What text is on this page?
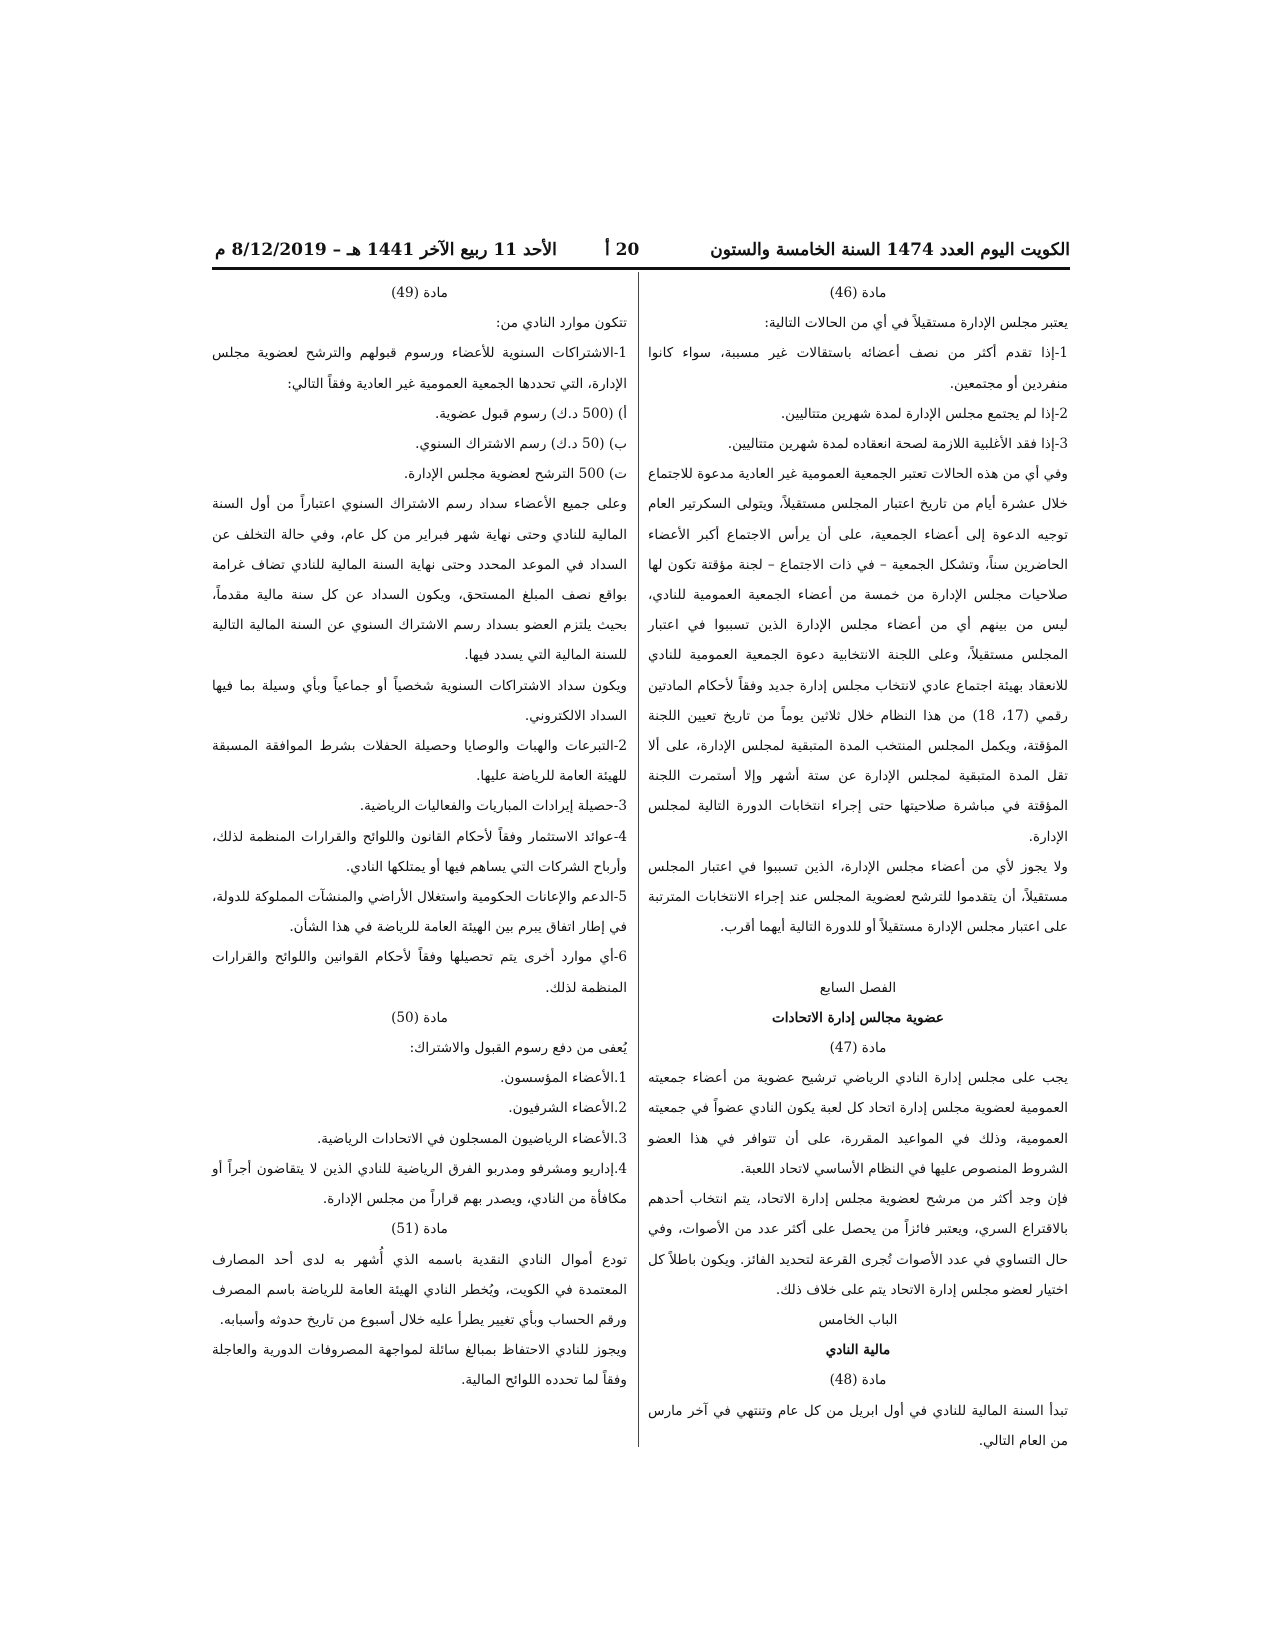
الكويت اليوم العدد 1474 السنة الخامسة والستون
20 أ
الأحد 11 ربيع الآخر 1441 هـ – 8/12/2019 م

مادة (46)

يعتبر مجلس الإدارة مستقيلاً في أي من الحالات التالية:

1-إذا تقدم أكثر من نصف أعضائه باستقالات غير مسببة، سواء كانوا منفردين أو مجتمعين.

2-إذا لم يجتمع مجلس الإدارة لمدة شهرين متتاليين.

3-إذا فقد الأغلبية اللازمة لصحة انعقاده لمدة شهرين متتاليين.

وفي أي من هذه الحالات تعتبر الجمعية العمومية غير العادية مدعوة للاجتماع خلال عشرة أيام من تاريخ اعتبار المجلس مستقيلاً، ويتولى السكرتير العام توجيه الدعوة إلى أعضاء الجمعية، على أن يرأس الاجتماع أكبر الأعضاء الحاضرين سناً، وتشكل الجمعية – في ذات الاجتماع – لجنة مؤقتة تكون لها صلاحيات مجلس الإدارة من خمسة من أعضاء الجمعية العمومية للنادي، ليس من بينهم أي من أعضاء مجلس الإدارة الذين تسببوا في اعتبار المجلس مستقيلاً، وعلى اللجنة الانتخابية دعوة الجمعية العمومية للنادي للانعقاد بهيئة اجتماع عادي لانتخاب مجلس إدارة جديد وفقاً لأحكام المادتين رقمي (17، 18) من هذا النظام خلال ثلاثين يوماً من تاريخ تعيين اللجنة المؤقتة، ويكمل المجلس المنتخب المدة المتبقية لمجلس الإدارة، على ألا تقل المدة المتبقية لمجلس الإدارة عن ستة أشهر وإلا أستمرت اللجنة المؤقتة في مباشرة صلاحيتها حتى إجراء انتخابات الدورة التالية لمجلس الإدارة.

ولا يجوز لأي من أعضاء مجلس الإدارة، الذين تسببوا في اعتبار المجلس مستقيلاً، أن يتقدموا للترشح لعضوية المجلس عند إجراء الانتخابات المترتبة على اعتبار مجلس الإدارة مستقيلاً أو للدورة التالية أيهما أقرب.

الفصل السابع

عضوية مجالس إدارة الاتحادات

مادة (47)

يجب على مجلس إدارة النادي الرياضي ترشيح عضوية من أعضاء جمعيته العمومية لعضوية مجلس إدارة اتحاد كل لعبة يكون النادي عضواً في جمعيته العمومية، وذلك في المواعيد المقررة، على أن تتوافر في هذا العضو الشروط المنصوص عليها في النظام الأساسي لاتحاد اللعبة.

فإن وجد أكثر من مرشح لعضوية مجلس إدارة الاتحاد، يتم انتخاب أحدهم بالاقتراع السري، ويعتبر فائزاً من يحصل على أكثر عدد من الأصوات، وفي حال التساوي في عدد الأصوات تُجرى القرعة لتحديد الفائز. ويكون باطلاً كل اختيار لعضو مجلس إدارة الاتحاد يتم على خلاف ذلك.

الباب الخامس

مالية النادي

مادة (48)

تبدأ السنة المالية للنادي في أول ابريل من كل عام وتنتهي في آخر مارس من العام التالي.

مادة (49)

تتكون موارد النادي من:

1-الاشتراكات السنوية للأعضاء ورسوم قبولهم والترشح لعضوية مجلس الإدارة، التي تحددها الجمعية العمومية غير العادية وفقاً التالي:

أ) (500 د.ك) رسوم قبول عضوية.

ب) (50 د.ك) رسم الاشتراك السنوي.

ت) 500 الترشح لعضوية مجلس الإدارة.

وعلى جميع الأعضاء سداد رسم الاشتراك السنوي اعتباراً من أول السنة المالية للنادي وحتى نهاية شهر فبراير من كل عام، وفي حالة التخلف عن السداد في الموعد المحدد وحتى نهاية السنة المالية للنادي تضاف غرامة بواقع نصف المبلغ المستحق، ويكون السداد عن كل سنة مالية مقدماً، بحيث يلتزم العضو بسداد رسم الاشتراك السنوي عن السنة المالية التالية للسنة المالية التي يسدد فيها.

ويكون سداد الاشتراكات السنوية شخصياً أو جماعياً وبأي وسيلة بما فيها السداد الالكتروني.

2-التبرعات والهبات والوصايا وحصيلة الحفلات بشرط الموافقة المسبقة للهيئة العامة للرياضة عليها.

3-حصيلة إيرادات المباريات والفعاليات الرياضية.

4-عوائد الاستثمار وفقاً لأحكام القانون واللوائح والقرارات المنظمة لذلك، وأرباح الشركات التي يساهم فيها أو يمتلكها النادي.

5-الدعم والإعانات الحكومية واستغلال الأراضي والمنشآت المملوكة للدولة، في إطار اتفاق يبرم بين الهيئة العامة للرياضة في هذا الشأن.

6-أي موارد أخرى يتم تحصيلها وفقاً لأحكام القوانين واللوائح والقرارات المنظمة لذلك.

مادة (50)

يُعفى من دفع رسوم القبول والاشتراك:

1.الأعضاء المؤسسون.

2.الأعضاء الشرفيون.

3.الأعضاء الرياضيون المسجلون في الاتحادات الرياضية.

4.إداريو ومشرفو ومدربو الفرق الرياضية للنادي الذين لا يتقاضون أجراً أو مكافأة من النادي، ويصدر بهم قراراً من مجلس الإدارة.

مادة (51)

تودع أموال النادي النقدية باسمه الذي أُشهر به لدى أحد المصارف المعتمدة في الكويت، ويُخطر النادي الهيئة العامة للرياضة باسم المصرف ورقم الحساب وبأي تغيير يطرأ عليه خلال أسبوع من تاريخ حدوثه وأسبابه.

ويجوز للنادي الاحتفاظ بمبالغ سائلة لمواجهة المصروفات الدورية والعاجلة وفقاً لما تحدده اللوائح المالية.
